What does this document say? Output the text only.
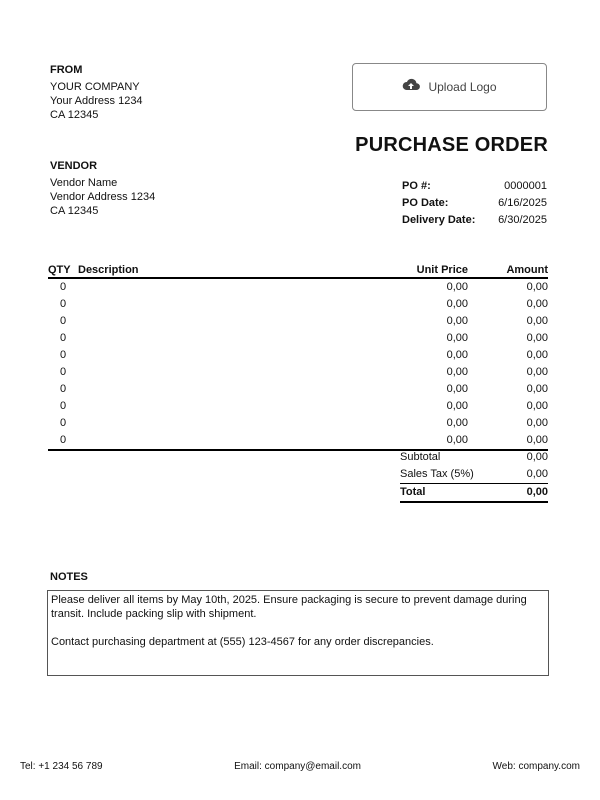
FROM
YOUR COMPANY
Your Address 1234
CA 12345
Upload Logo
PURCHASE ORDER
VENDOR
Vendor Name
Vendor Address 1234
CA 12345
PO #:	0000001
PO Date:	6/16/2025
Delivery Date: 6/30/2025
QTY	Description	Unit Price	Amount
0		0,00	0,00
0		0,00	0,00
0		0,00	0,00
0		0,00	0,00
0		0,00	0,00
0		0,00	0,00
0		0,00	0,00
0		0,00	0,00
0		0,00	0,00
0		0,00	0,00
Subtotal	0,00
Sales Tax (5%)	0,00
Total	0,00
NOTES

Please deliver all items by May 10th, 2025. Ensure packaging is secure to prevent damage during transit. Include packing slip with shipment.

Contact purchasing department at (555) 123-4567 for any order discrepancies.

Tel: +1 234 56 789	Email: company@email.com	Web: company.com
